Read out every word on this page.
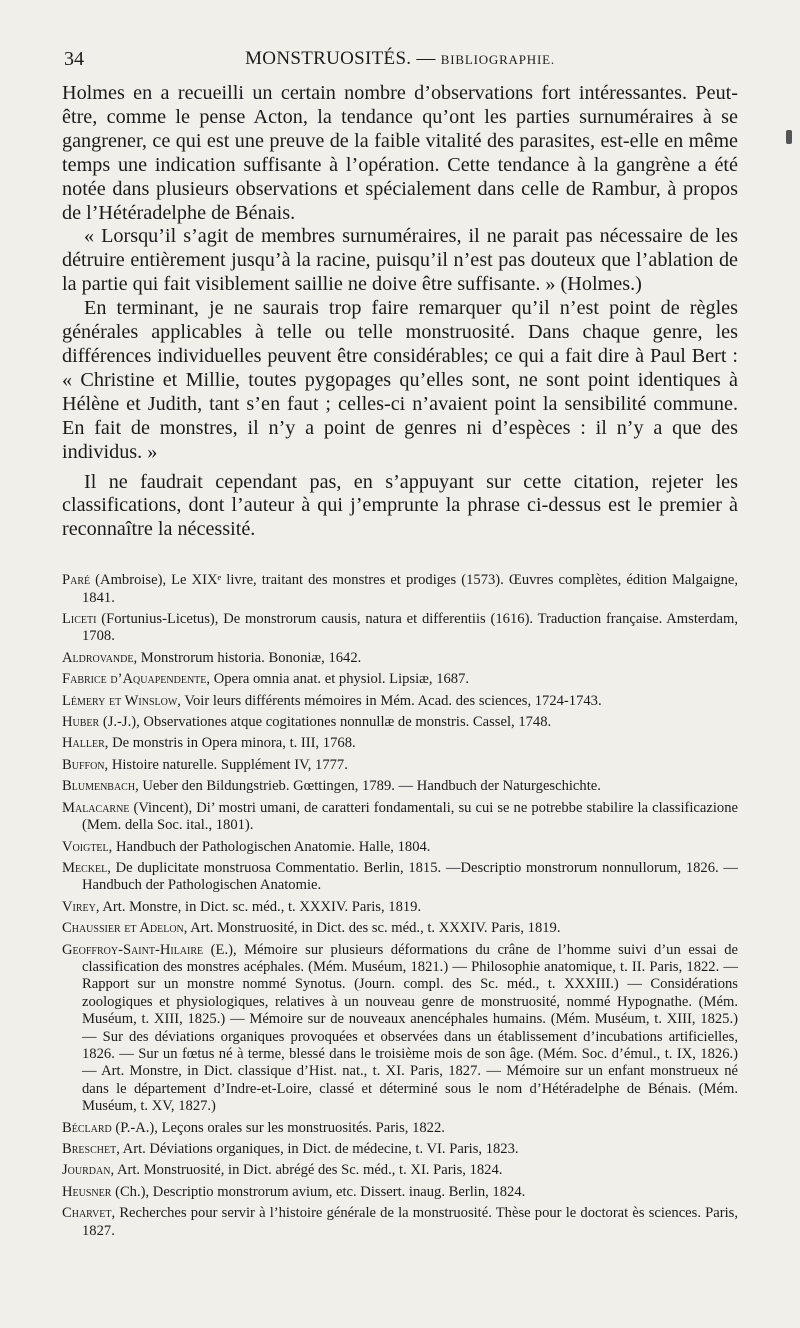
34	MONSTRUOSITÉS. — BIBLIOGRAPHIE.

Holmes en a recueilli un certain nombre d’observations fort intéressantes. Peut-être, comme le pense Acton, la tendance qu’ont les parties surnuméraires à se gangrener, ce qui est une preuve de la faible vitalité des parasites, est-elle en même temps une indication suffisante à l’opération. Cette tendance à la gangrène a été notée dans plusieurs observations et spécialement dans celle de Rambur, à propos de l’Hétéradelphe de Bénais.

« Lorsqu’il s’agit de membres surnuméraires, il ne parait pas nécessaire de les détruire entièrement jusqu’à la racine, puisqu’il n’est pas douteux que l’ablation de la partie qui fait visiblement saillie ne doive être suffisante. » (Holmes.)

En terminant, je ne saurais trop faire remarquer qu’il n’est point de règles générales applicables à telle ou telle monstruosité. Dans chaque genre, les différences individuelles peuvent être considérables; ce qui a fait dire à Paul Bert : « Christine et Millie, toutes pygopages qu’elles sont, ne sont point identiques à Hélène et Judith, tant s’en faut ; celles-ci n’avaient point la sensibilité commune. En fait de monstres, il n’y a point de genres ni d’espèces : il n’y a que des individus. »

Il ne faudrait cependant pas, en s’appuyant sur cette citation, rejeter les classifications, dont l’auteur à qui j’emprunte la phrase ci-dessus est le premier à reconnaître la nécessité.

Paré (Ambroise), Le XIXᵉ livre, traitant des monstres et prodiges (1573). Œuvres complètes, édition Malgaigne, 1841.

Liceti (Fortunius-Licetus), De monstrorum causis, natura et differentiis (1616). Traduction française. Amsterdam, 1708.

Aldrovande, Monstrorum historia. Bononiæ, 1642.

Fabrice d’Aquapendente, Opera omnia anat. et physiol. Lipsiæ, 1687.

Lémery et Winslow, Voir leurs différents mémoires in Mém. Acad. des sciences, 1724-1743.

Huber (J.-J.), Observationes atque cogitationes nonnullæ de monstris. Cassel, 1748.

Haller, De monstris in Opera minora, t. III, 1768.

Buffon, Histoire naturelle. Supplément IV, 1777.

Blumenbach, Ueber den Bildungstrieb. Gœttingen, 1789. — Handbuch der Naturgeschichte.

Malacarne (Vincent), Di’ mostri umani, de caratteri fondamentali, su cui se ne potrebbe stabilire la classificazione (Mem. della Soc. ital., 1801).

Voigtel, Handbuch der Pathologischen Anatomie. Halle, 1804.

Meckel, De duplicitate monstruosa Commentatio. Berlin, 1815. —Descriptio monstrorum nonnullorum, 1826. — Handbuch der Pathologischen Anatomie.

Virey, Art. Monstre, in Dict. sc. méd., t. XXXIV. Paris, 1819.

Chaussier et Adelon, Art. Monstruosité, in Dict. des sc. méd., t. XXXIV. Paris, 1819.

Geoffroy-Saint-Hilaire (E.), Mémoire sur plusieurs déformations du crâne de l’homme suivi d’un essai de classification des monstres acéphales. (Mém. Muséum, 1821.) — Philosophie anatomique, t. II. Paris, 1822. — Rapport sur un monstre nommé Synotus. (Journ. compl. des Sc. méd., t. XXXIII.) — Considérations zoologiques et physiologiques, relatives à un nouveau genre de monstruosité, nommé Hypognathe. (Mém. Muséum, t. XIII, 1825.) — Mémoire sur de nouveaux anencéphales humains. (Mém. Muséum, t. XIII, 1825.) — Sur des déviations organiques provoquées et observées dans un établissement d’incubations artificielles, 1826. — Sur un fœtus né à terme, blessé dans le troisième mois de son âge. (Mém. Soc. d’émul., t. IX, 1826.) — Art. Monstre, in Dict. classique d’Hist. nat., t. XI. Paris, 1827. — Mémoire sur un enfant monstrueux né dans le département d’Indre-et-Loire, classé et déterminé sous le nom d’Hétéradelphe de Bénais. (Mém. Muséum, t. XV, 1827.)

Béclard (P.-A.), Leçons orales sur les monstruosités. Paris, 1822.

Breschet, Art. Déviations organiques, in Dict. de médecine, t. VI. Paris, 1823.

Jourdan, Art. Monstruosité, in Dict. abrégé des Sc. méd., t. XI. Paris, 1824.

Heusner (Ch.), Descriptio monstrorum avium, etc. Dissert. inaug. Berlin, 1824.

Charvet, Recherches pour servir à l’histoire générale de la monstruosité. Thèse pour le doctorat ès sciences. Paris, 1827.
